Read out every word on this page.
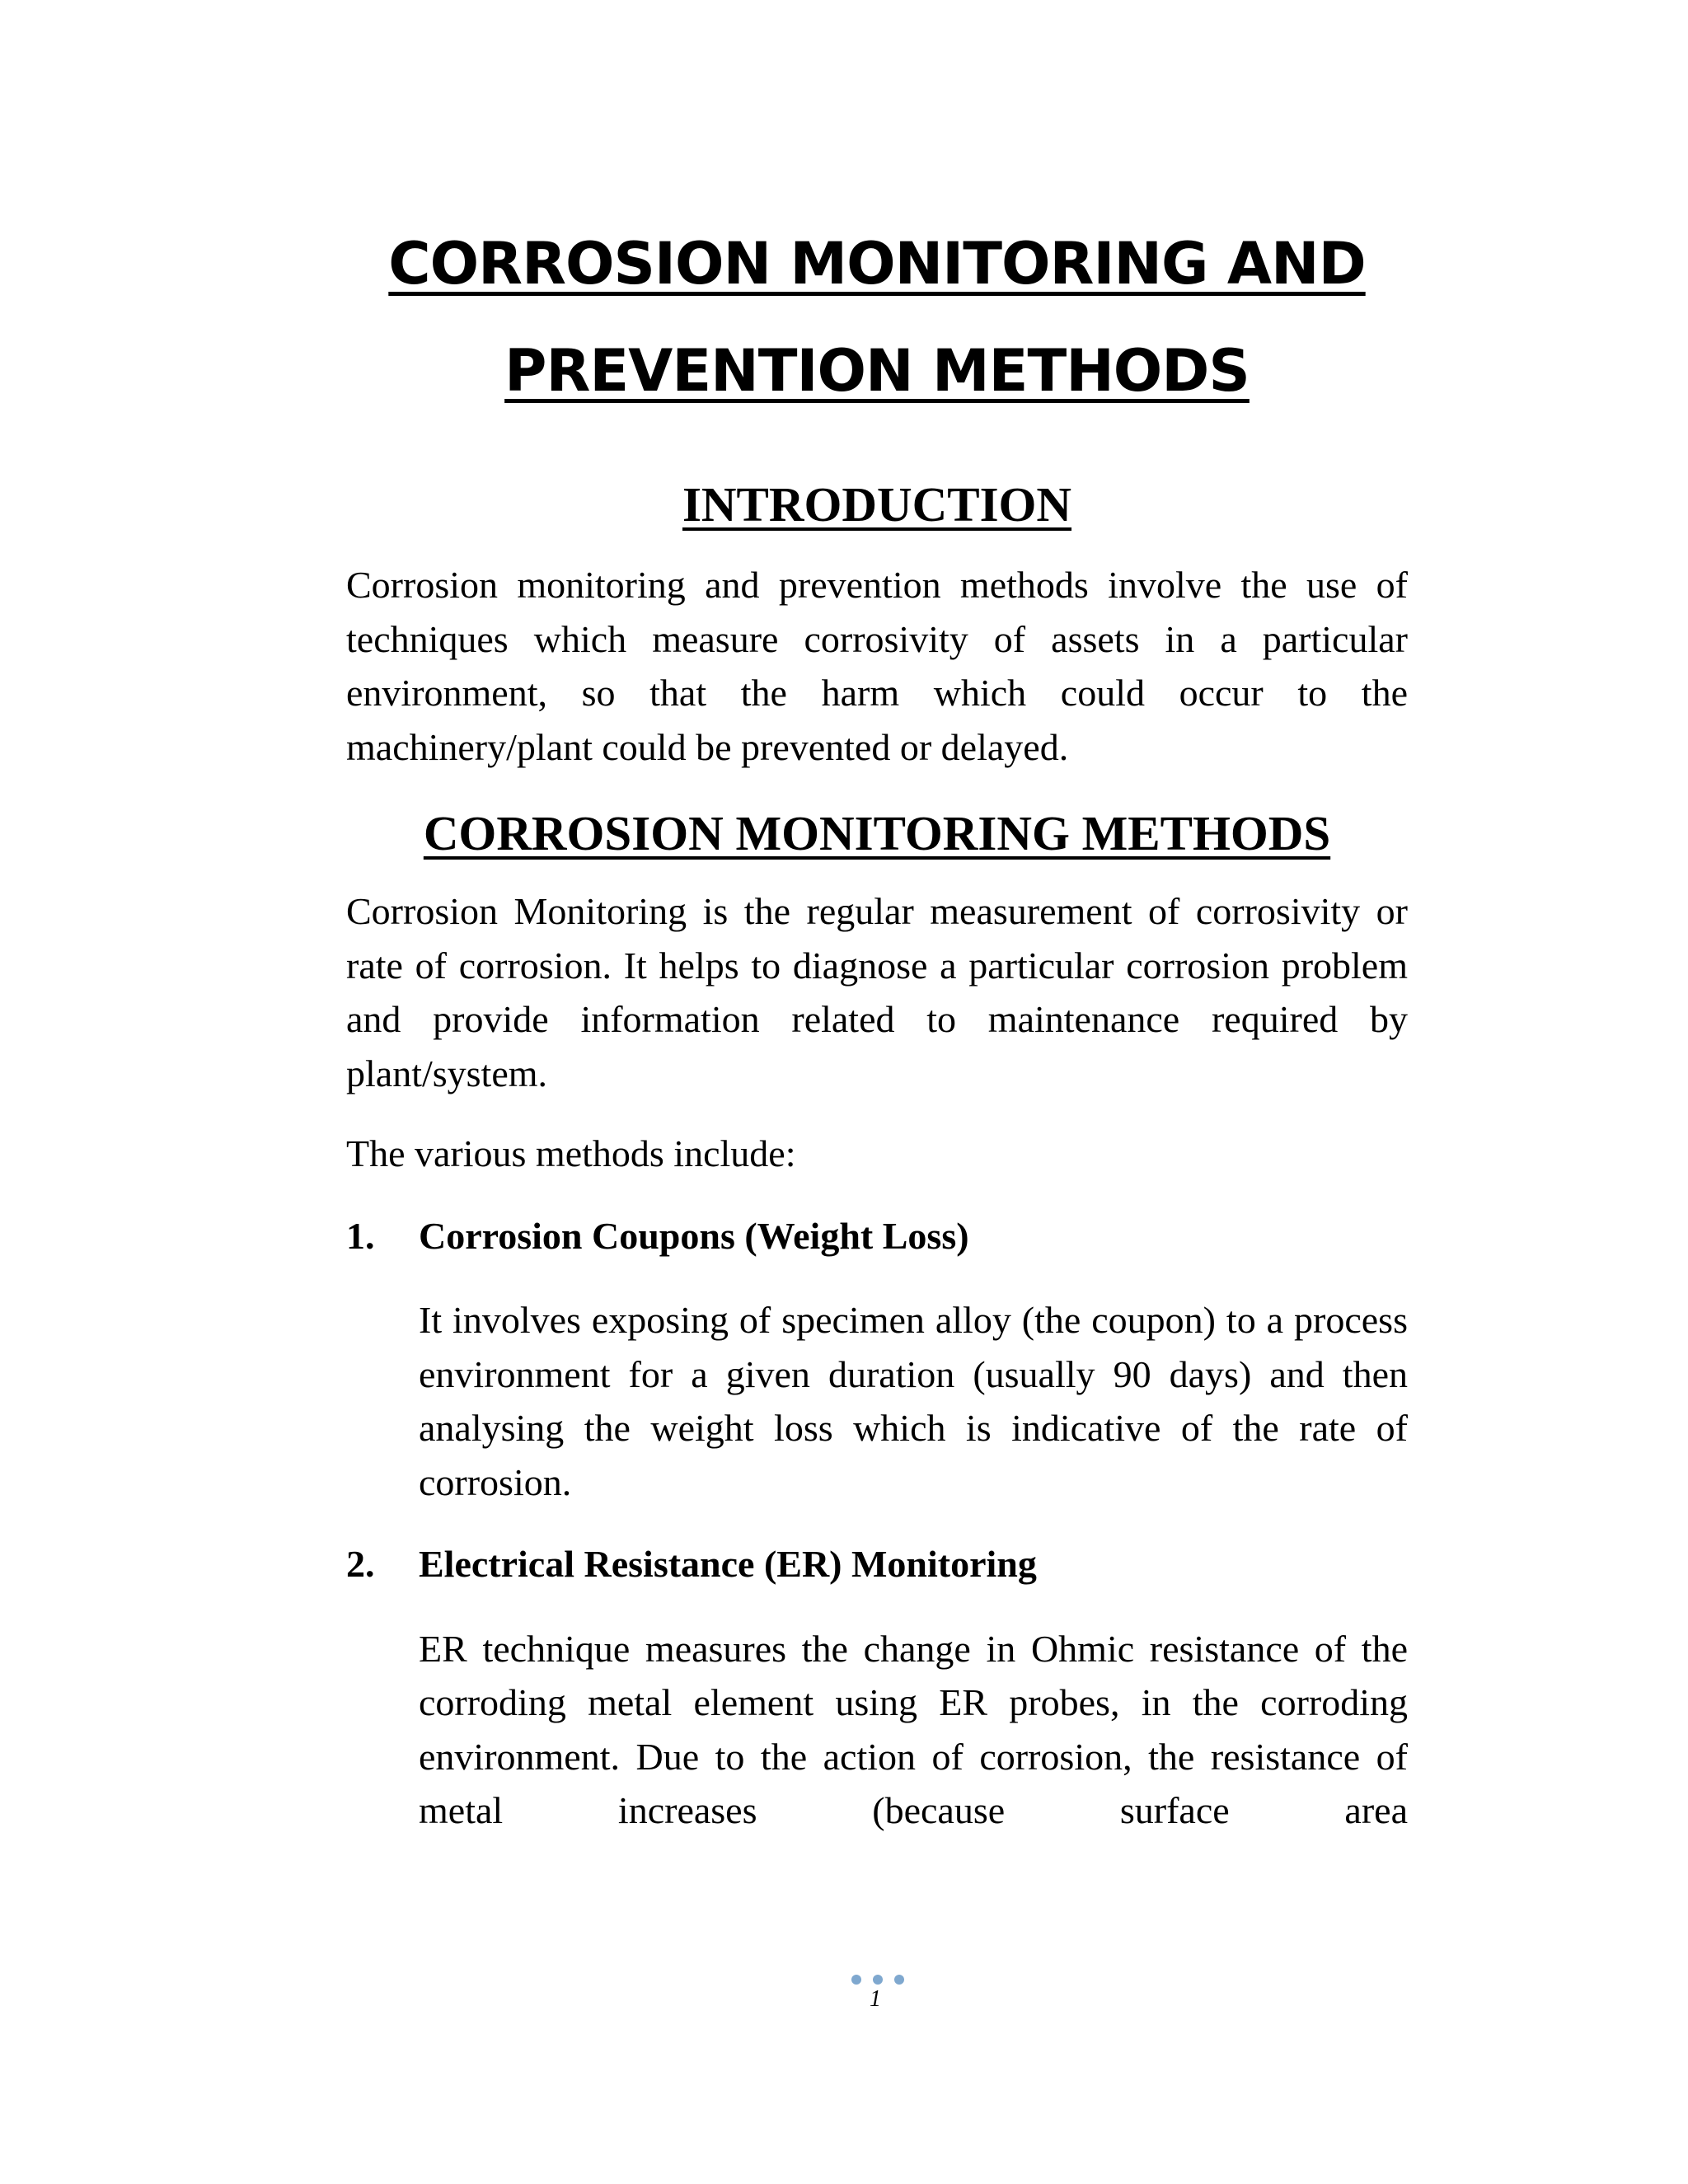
CORROSION MONITORING AND
PREVENTION METHODS
INTRODUCTION

Corrosion monitoring and prevention methods involve the use of techniques which measure corrosivity of assets in a particular environment, so that the harm which could occur to the machinery/plant could be prevented or delayed.

CORROSION MONITORING METHODS

Corrosion Monitoring is the regular measurement of corrosivity or rate of corrosion. It helps to diagnose a particular corrosion problem and provide information related to maintenance required by plant/system.

The various methods include:

1.	Corrosion Coupons (Weight Loss)

It involves exposing of specimen alloy (the coupon) to a process environment for a given duration (usually 90 days) and then analysing the weight loss which is indicative of the rate of corrosion.

2.	Electrical Resistance (ER) Monitoring

ER technique measures the change in Ohmic resistance of the corroding metal element using ER probes, in the corroding environment. Due to the action of corrosion, the resistance of metal increases (because surface area

1
